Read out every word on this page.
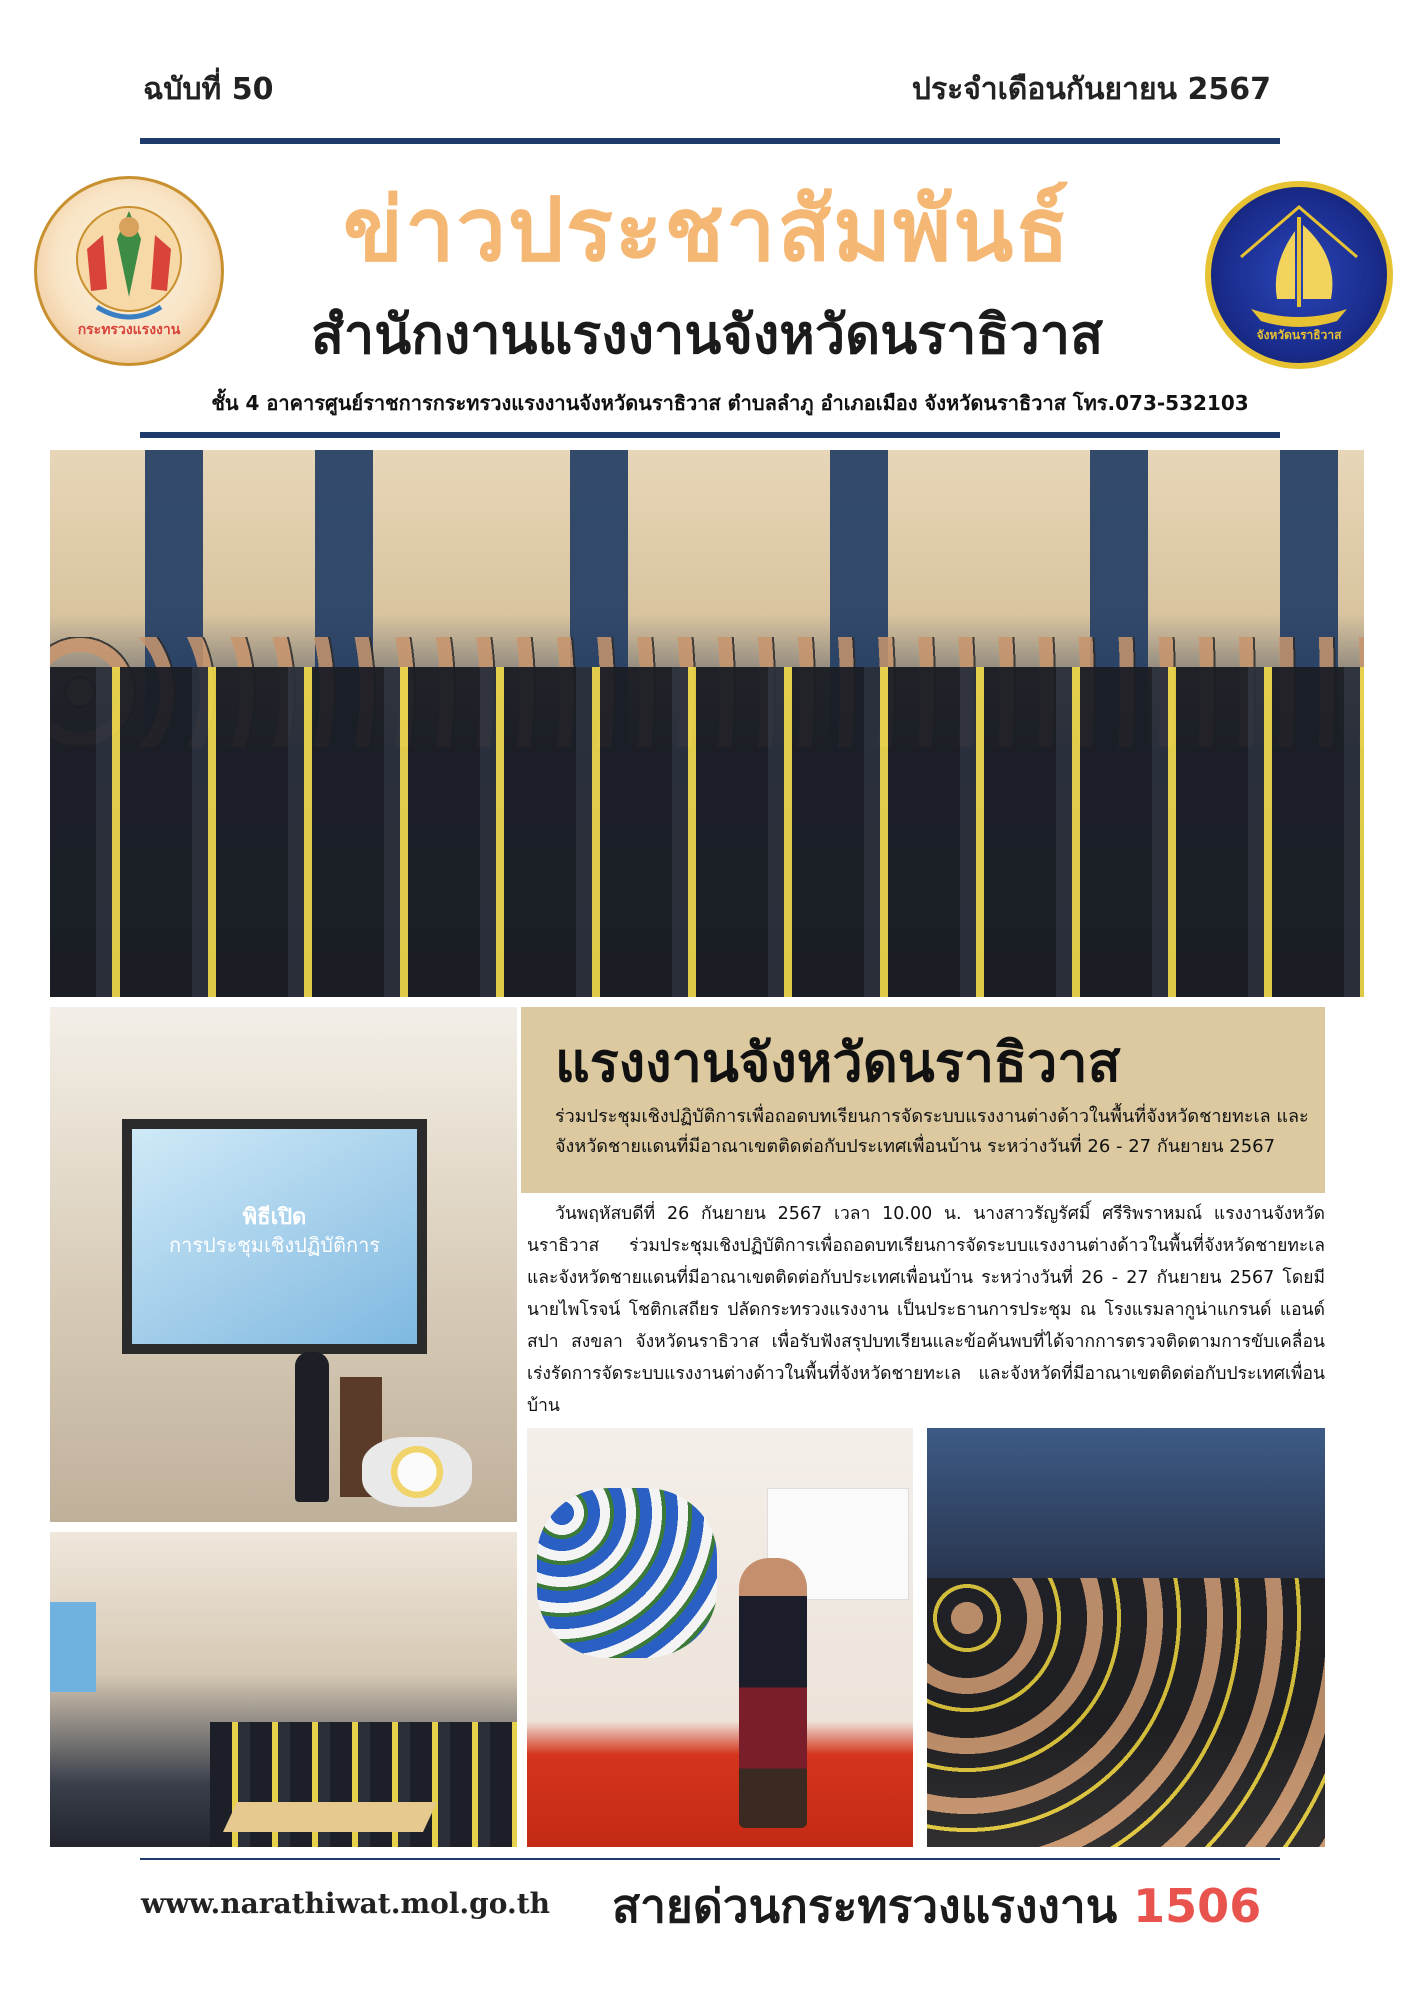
ฉบับที่ 50	ประจำเดือนกันยายน 2567
กระทรวงแรงงาน
ข่าวประชาสัมพันธ์
สำนักงานแรงงานจังหวัดนราธิวาส	จังหวัดนราธิวาส
ชั้น 4 อาคารศูนย์ราชการกระทรวงแรงงานจังหวัดนราธิวาส ตำบลลำภู อำเภอเมือง จังหวัดนราธิวาส โทร.073-532103
พิธีเปิด
การประชุมเชิงปฏิบัติการ
แรงงานจังหวัดนราธิวาส
ร่วมประชุมเชิงปฏิบัติการเพื่อถอดบทเรียนการจัดระบบแรงงานต่างด้าวในพื้นที่จังหวัดชายทะเล และจังหวัดชายแดนที่มีอาณาเขตติดต่อกับประเทศเพื่อนบ้าน ระหว่างวันที่ 26 - 27 กันยายน 2567
วันพฤหัสบดีที่ 26 กันยายน 2567 เวลา 10.00 น. นางสาวรัญรัศมิ์ ศรีริพราหมณ์ แรงงานจังหวัดนราธิวาส ร่วมประชุมเชิงปฏิบัติการเพื่อถอดบทเรียนการจัดระบบแรงงานต่างด้าวในพื้นที่จังหวัดชายทะเล และจังหวัดชายแดนที่มีอาณาเขตติดต่อกับประเทศเพื่อนบ้าน ระหว่างวันที่ 26 - 27 กันยายน 2567 โดยมีนายไพโรจน์ โชติกเสถียร ปลัดกระทรวงแรงงาน เป็นประธานการประชุม ณ โรงแรมลากูน่าแกรนด์ แอนด์ สปา สงขลา จังหวัดนราธิวาส เพื่อรับฟังสรุปบทเรียนและข้อค้นพบที่ได้จากการตรวจติดตามการขับเคลื่อนเร่งรัดการจัดระบบแรงงานต่างด้าวในพื้นที่จังหวัดชายทะเล และจังหวัดที่มีอาณาเขตติดต่อกับประเทศเพื่อนบ้าน
www.narathiwat.mol.go.th สายด่วนกระทรวงแรงงาน 1506
